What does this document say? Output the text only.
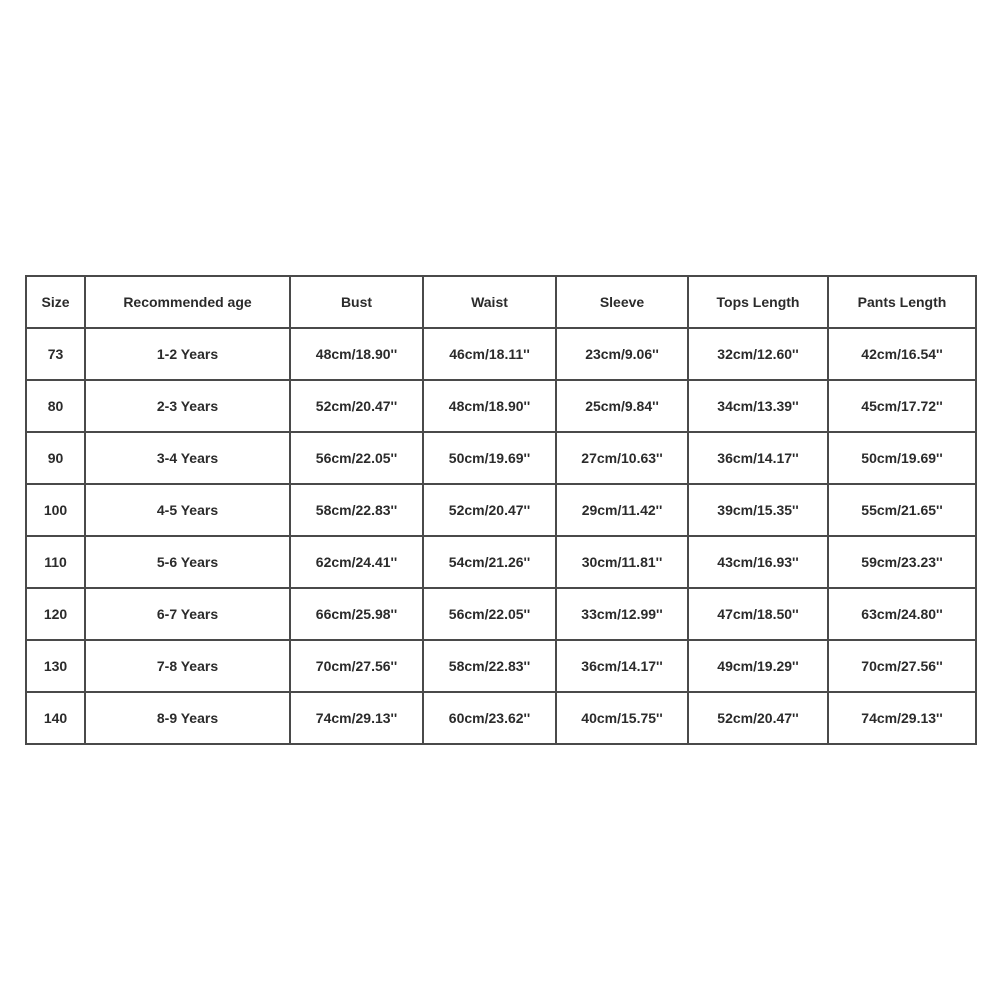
Size	Recommended age	Bust	Waist	Sleeve	Tops Length	Pants Length
73	1-2 Years	48cm/18.90''	46cm/18.11''	23cm/9.06''	32cm/12.60''	42cm/16.54''
80	2-3 Years	52cm/20.47''	48cm/18.90''	25cm/9.84''	34cm/13.39''	45cm/17.72''
90	3-4 Years	56cm/22.05''	50cm/19.69''	27cm/10.63''	36cm/14.17''	50cm/19.69''
100	4-5 Years	58cm/22.83''	52cm/20.47''	29cm/11.42''	39cm/15.35''	55cm/21.65''
110	5-6 Years	62cm/24.41''	54cm/21.26''	30cm/11.81''	43cm/16.93''	59cm/23.23''
120	6-7 Years	66cm/25.98''	56cm/22.05''	33cm/12.99''	47cm/18.50''	63cm/24.80''
130	7-8 Years	70cm/27.56''	58cm/22.83''	36cm/14.17''	49cm/19.29''	70cm/27.56''
140	8-9 Years	74cm/29.13''	60cm/23.62''	40cm/15.75''	52cm/20.47''	74cm/29.13''
